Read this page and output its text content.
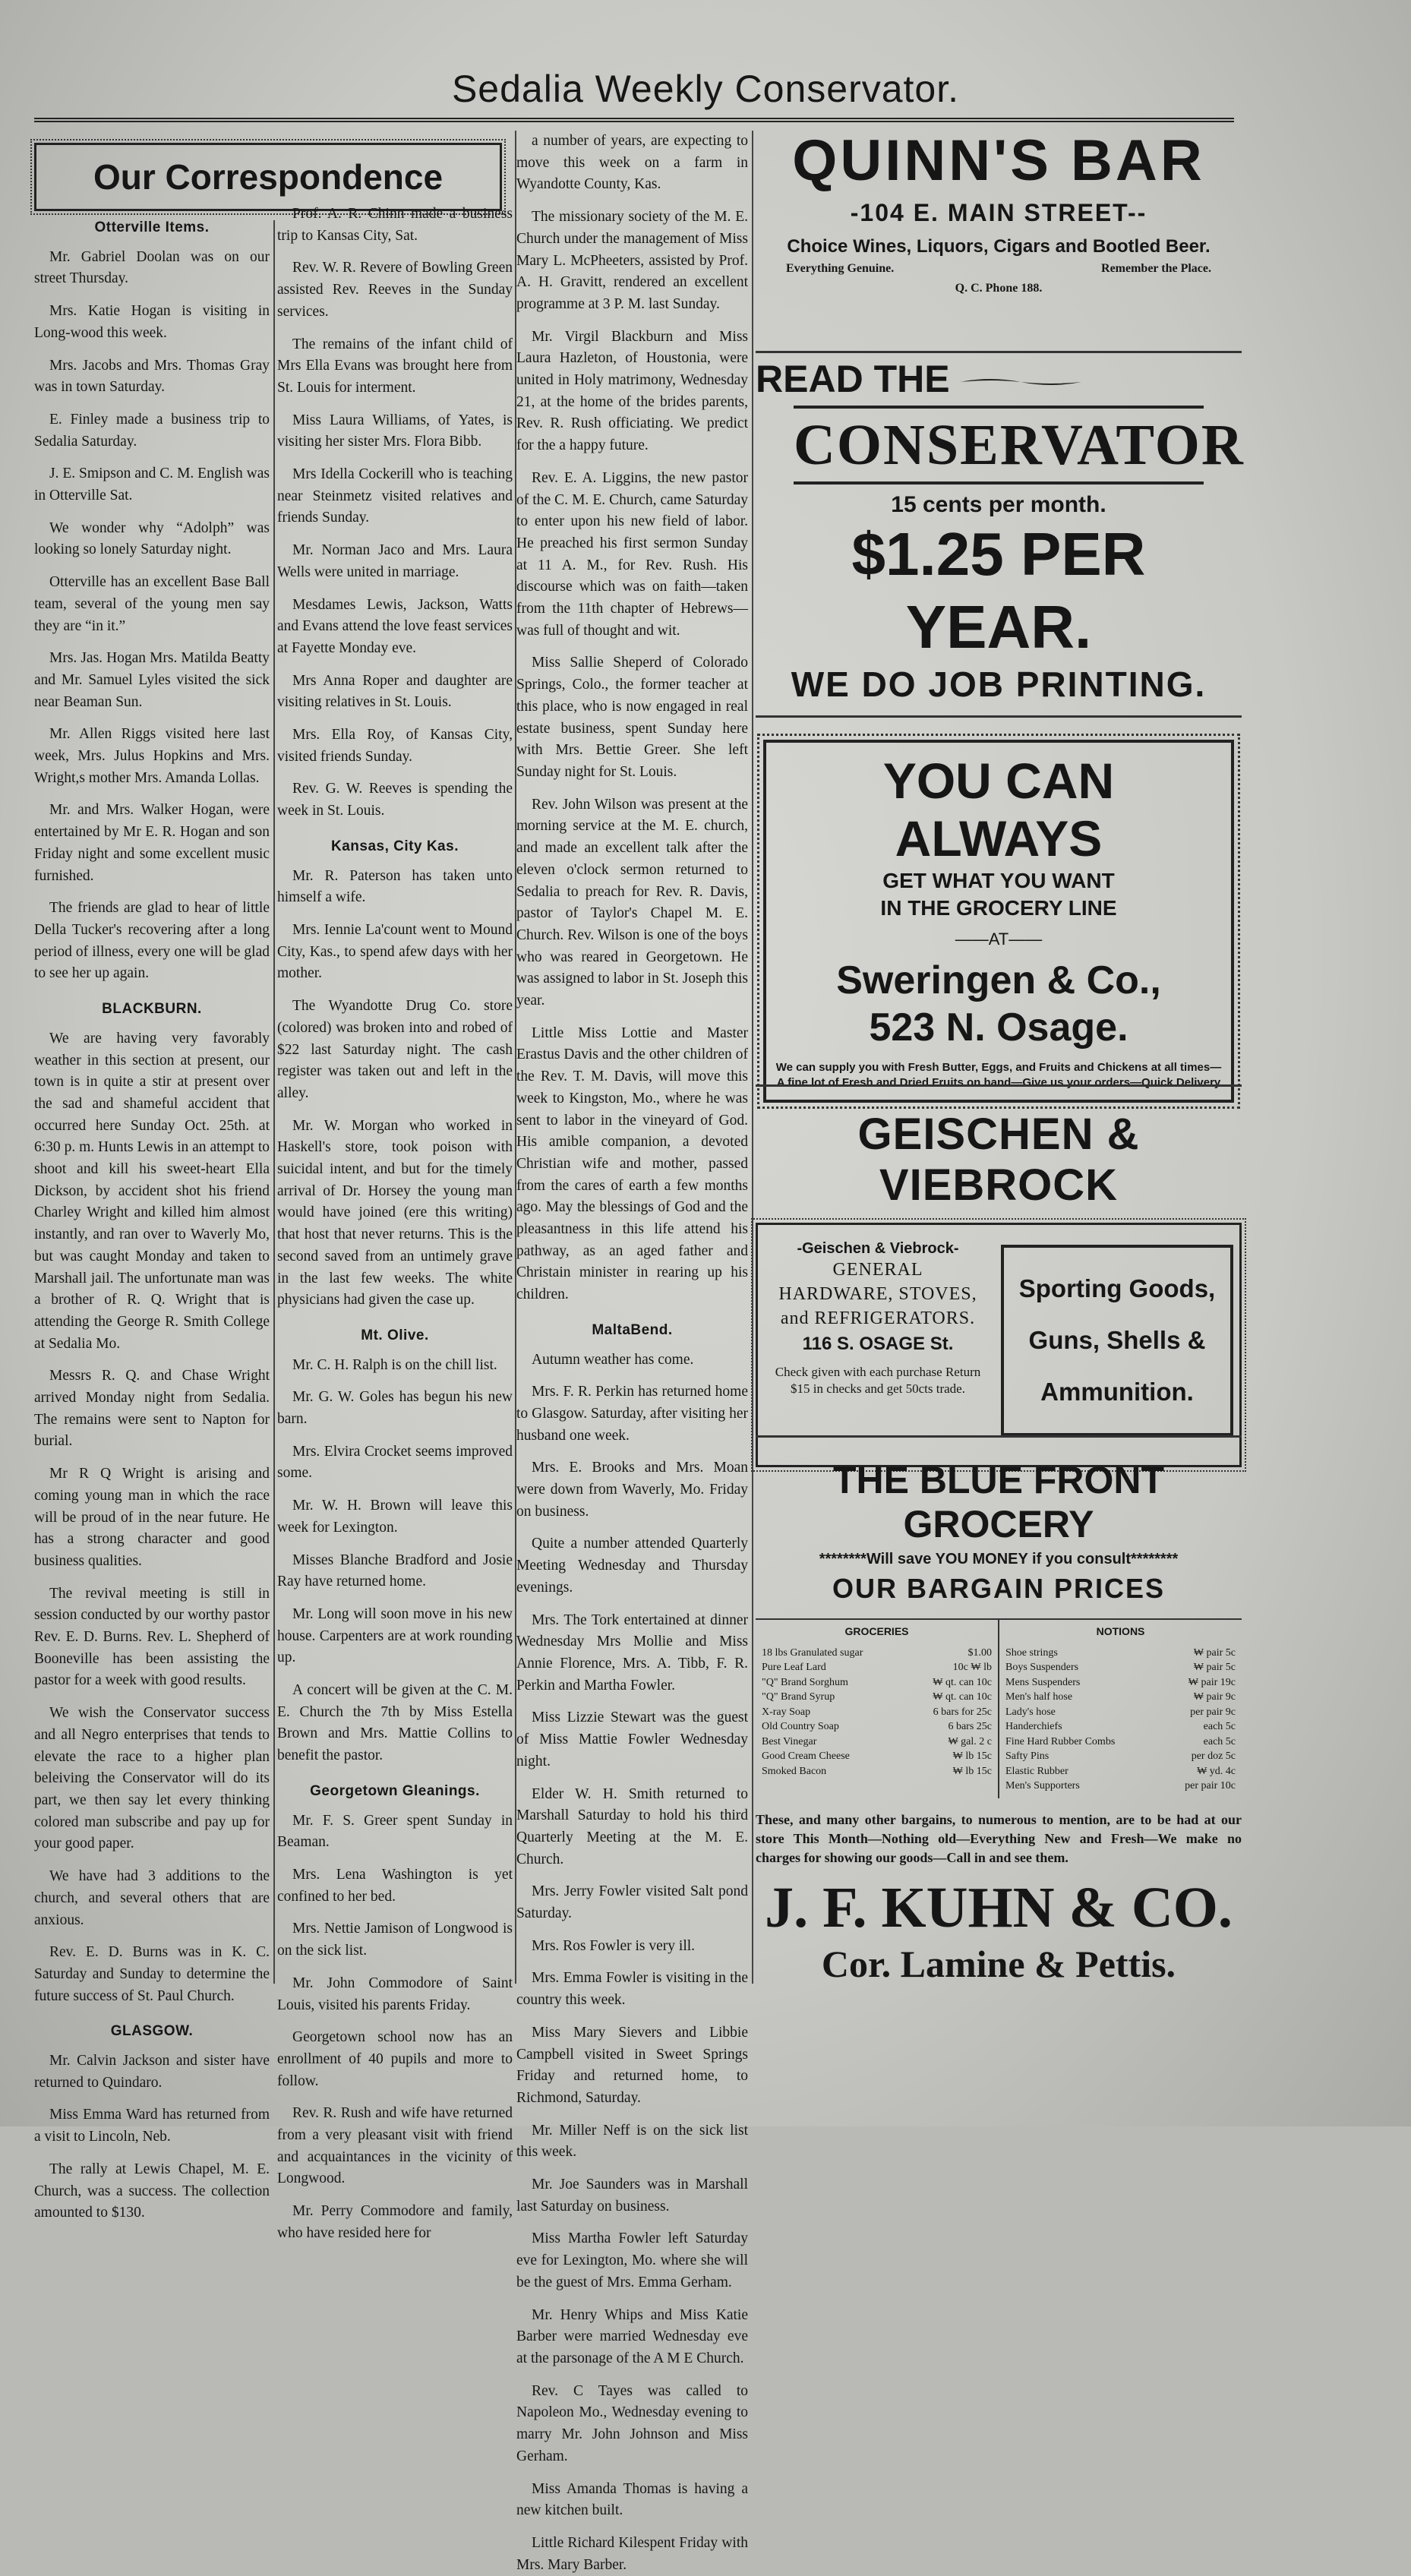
Sedalia Weekly Conservator.
Our Correspondence
Otterville Items.

Mr. Gabriel Doolan was on our street Thursday.

Mrs. Katie Hogan is visiting in Long-wood this week.

Mrs. Jacobs and Mrs. Thomas Gray was in town Saturday.

E. Finley made a business trip to Sedalia Saturday.

J. E. Smipson and C. M. English was in Otterville Sat.

We wonder why “Adolph” was looking so lonely Saturday night.

Otterville has an excellent Base Ball team, several of the young men say they are “in it.”

Mrs. Jas. Hogan Mrs. Matilda Beatty and Mr. Samuel Lyles visited the sick near Beaman Sun.

Mr. Allen Riggs visited here last week, Mrs. Julus Hopkins and Mrs. Wright,s mother Mrs. Amanda Lollas.

Mr. and Mrs. Walker Hogan, were entertained by Mr E. R. Hogan and son Friday night and some excellent music furnished.

The friends are glad to hear of little Della Tucker's recovering after a long period of illness, every one will be glad to see her up again.

BLACKBURN.

We are having very favorably weather in this section at present, our town is in quite a stir at present over the sad and shameful accident that occurred here Sunday Oct. 25th. at 6:30 p. m. Hunts Lewis in an attempt to shoot and kill his sweet-heart Ella Dickson, by accident shot his friend Charley Wright and killed him almost instantly, and ran over to Waverly Mo, but was caught Monday and taken to Marshall jail. The unfortunate man was a brother of R. Q. Wright that is attending the George R. Smith College at Sedalia Mo.

Messrs R. Q. and Chase Wright arrived Monday night from Sedalia. The remains were sent to Napton for burial.

Mr R Q Wright is arising and coming young man in which the race will be proud of in the near future. He has a strong character and good business qualities.

The revival meeting is still in session conducted by our worthy pastor Rev. E. D. Burns. Rev. L. Shepherd of Booneville has been assisting the pastor for a week with good results.

We wish the Conservator success and all Negro enterprises that tends to elevate the race to a higher plan beleiving the Conservator will do its part, we then say let every thinking colored man subscribe and pay up for your good paper.

We have had 3 additions to the church, and several others that are anxious.

Rev. E. D. Burns was in K. C. Saturday and Sunday to determine the future success of St. Paul Church.

GLASGOW.

Mr. Calvin Jackson and sister have returned to Quindaro.

Miss Emma Ward has returned from a visit to Lincoln, Neb.

The rally at Lewis Chapel, M. E. Church, was a success. The collection amounted to $130.

Prof. A. R. Chinn made a business trip to Kansas City, Sat.

Rev. W. R. Revere of Bowling Green assisted Rev. Reeves in the Sunday services.

The remains of the infant child of Mrs Ella Evans was brought here from St. Louis for interment.

Miss Laura Williams, of Yates, is visiting her sister Mrs. Flora Bibb.

Mrs Idella Cockerill who is teaching near Steinmetz visited relatives and friends Sunday.

Mr. Norman Jaco and Mrs. Laura Wells were united in marriage.

Mesdames Lewis, Jackson, Watts and Evans attend the love feast services at Fayette Monday eve.

Mrs Anna Roper and daughter are visiting relatives in St. Louis.

Mrs. Ella Roy, of Kansas City, visited friends Sunday.

Rev. G. W. Reeves is spending the week in St. Louis.

Kansas, City Kas.

Mr. R. Paterson has taken unto himself a wife.

Mrs. Iennie La'count went to Mound City, Kas., to spend afew days with her mother.

The Wyandotte Drug Co. store (colored) was broken into and robed of $22 last Saturday night. The cash register was taken out and left in the alley.

Mr. W. Morgan who worked in Haskell's store, took poison with suicidal intent, and but for the timely arrival of Dr. Horsey the young man would have joined (ere this writing) that host that never returns. This is the second saved from an untimely grave in the last few weeks. The white physicians had given the case up.

Mt. Olive.

Mr. C. H. Ralph is on the chill list.

Mr. G. W. Goles has begun his new barn.

Mrs. Elvira Crocket seems improved some.

Mr. W. H. Brown will leave this week for Lexington.

Misses Blanche Bradford and Josie Ray have returned home.

Mr. Long will soon move in his new house. Carpenters are at work rounding up.

A concert will be given at the C. M. E. Church the 7th by Miss Estella Brown and Mrs. Mattie Collins to benefit the pastor.

Georgetown Gleanings.

Mr. F. S. Greer spent Sunday in Beaman.

Mrs. Lena Washington is yet confined to her bed.

Mrs. Nettie Jamison of Longwood is on the sick list.

Mr. John Commodore of Saint Louis, visited his parents Friday.

Georgetown school now has an enrollment of 40 pupils and more to follow.

Rev. R. Rush and wife have returned from a very pleasant visit with friend and acquaintances in the vicinity of Longwood.

Mr. Perry Commodore and family, who have resided here for

a number of years, are expecting to move this week on a farm in Wyandotte County, Kas.

The missionary society of the M. E. Church under the management of Miss Mary L. McPheeters, assisted by Prof. A. H. Gravitt, rendered an excellent programme at 3 P. M. last Sunday.

Mr. Virgil Blackburn and Miss Laura Hazleton, of Houstonia, were united in Holy matrimony, Wednesday 21, at the home of the brides parents, Rev. R. Rush officiating. We predict for the a happy future.

Rev. E. A. Liggins, the new pastor of the C. M. E. Church, came Saturday to enter upon his new field of labor. He preached his first sermon Sunday at 11 A. M., for Rev. Rush. His discourse which was on faith—taken from the 11th chapter of Hebrews—was full of thought and wit.

Miss Sallie Sheperd of Colorado Springs, Colo., the former teacher at this place, who is now engaged in real estate business, spent Sunday here with Mrs. Bettie Greer. She left Sunday night for St. Louis.

Rev. John Wilson was present at the morning service at the M. E. church, and made an excellent talk after the eleven o'clock sermon returned to Sedalia to preach for Rev. R. Davis, pastor of Taylor's Chapel M. E. Church. Rev. Wilson is one of the boys who was reared in Georgetown. He was assigned to labor in St. Joseph this year.

Little Miss Lottie and Master Erastus Davis and the other children of the Rev. T. M. Davis, will move this week to Kingston, Mo., where he was sent to labor in the vineyard of God. His amible companion, a devoted Christian wife and mother, passed from the cares of earth a few months ago. May the blessings of God and the pleasantness in this life attend his pathway, as an aged father and Christain minister in rearing up his children.

MaltaBend.

Autumn weather has come.

Mrs. F. R. Perkin has returned home to Glasgow. Saturday, after visiting her husband one week.

Mrs. E. Brooks and Mrs. Moan were down from Waverly, Mo. Friday on business.

Quite a number attended Quarterly Meeting Wednesday and Thursday evenings.

Mrs. The Tork entertained at dinner Wednesday Mrs Mollie and Miss Annie Florence, Mrs. A. Tibb, F. R. Perkin and Martha Fowler.

Miss Lizzie Stewart was the guest of Miss Mattie Fowler Wednesday night.

Elder W. H. Smith returned to Marshall Saturday to hold his third Quarterly Meeting at the M. E. Church.

Mrs. Jerry Fowler visited Salt pond Saturday.

Mrs. Ros Fowler is very ill.

Mrs. Emma Fowler is visiting in the country this week.

Miss Mary Sievers and Libbie Campbell visited in Sweet Springs Friday and returned home, to Richmond, Saturday.

Mr. Miller Neff is on the sick list this week.

Mr. Joe Saunders was in Marshall last Saturday on business.

Miss Martha Fowler left Saturday eve for Lexington, Mo. where she will be the guest of Mrs. Emma Gerham.

Mr. Henry Whips and Miss Katie Barber were married Wednesday eve at the parsonage of the A M E Church.

Rev. C Tayes was called to Napoleon Mo., Wednesday evening to marry Mr. John Johnson and Miss Gerham.

Miss Amanda Thomas is having a new kitchen built.

Little Richard Kilespent Friday with Mrs. Mary Barber.

QUINN'S BAR
-104 E. MAIN STREET--
Choice Wines, Liquors, Cigars and Bootled Beer.
Everything Genuine.	Remember the Place.
Q. C. Phone 188.
READ THE
CONSERVATOR
15 cents per month.
$1.25 PER YEAR.
WE DO JOB PRINTING.
YOU CAN ALWAYS
GET WHAT YOU WANT
IN THE GROCERY LINE
——AT——
Sweringen & Co.,
523 N. Osage.
We can supply you with Fresh Butter, Eggs, and Fruits and Chickens at all times—A fine lot of Fresh and Dried Fruits on hand—Give us your orders—Quick Delivery
GEISCHEN & VIEBROCK
-Geischen & Viebrock-
GENERAL
HARDWARE, STOVES,
and REFRIGERATORS.
116 S. OSAGE St.
Check given with each purchase Return $15 in checks and get 50cts trade.
Sporting Goods,
Guns, Shells &
Ammunition.
THE BLUE FRONT GROCERY
********Will save YOU MONEY if you consult********
OUR BARGAIN PRICES
GROCERIES
18 lbs Granulated sugar	$1.00
Pure Leaf Lard	10c ₩ lb
"Q" Brand Sorghum	₩ qt. can 10c
"Q" Brand Syrup	₩ qt. can 10c
X-ray Soap	6 bars for 25c
Old Country Soap	6 bars 25c
Best Vinegar	₩ gal. 2 c
Good Cream Cheese	₩ lb 15c
Smoked Bacon	₩ lb 15c
NOTIONS
Shoe strings	₩ pair 5c
Boys Suspenders	₩ pair 5c
Mens Suspenders	₩ pair 19c
Men's half hose	₩ pair 9c
Lady's hose	per pair 9c
Handerchiefs	each 5c
Fine Hard Rubber Combs	each 5c
Safty Pins	per doz 5c
Elastic Rubber	₩ yd. 4c
Men's Supporters	per pair 10c
These, and many other bargains, to numerous to mention, are to be had at our store This Month—Nothing old—Everything New and Fresh—We make no charges for showing our goods—Call in and see them.
J. F. KUHN & CO.
Cor. Lamine & Pettis.
